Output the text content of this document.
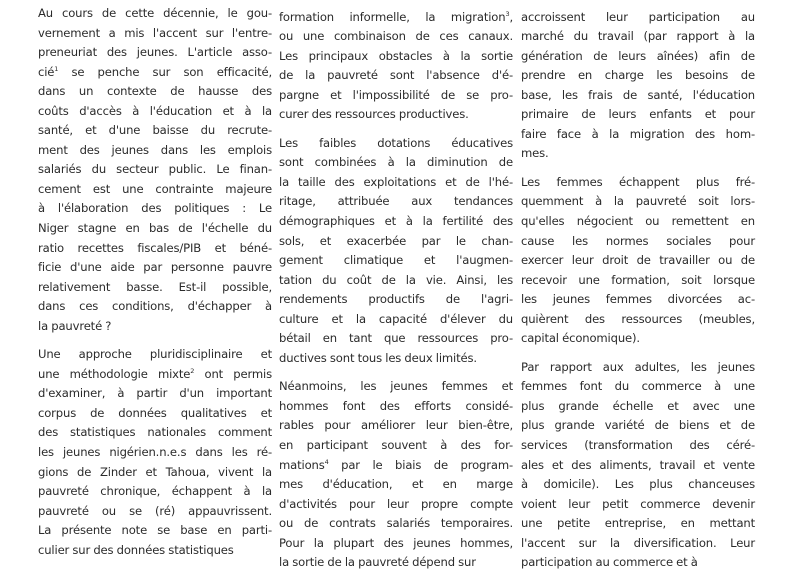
Au cours de cette décennie, le gou-
vernement a mis l'accent sur l'entre-
preneuriat des jeunes. L'article asso-
cié$^1$ se penche sur son efficacité,
dans un contexte de hausse des
coûts d'accès à l'éducation et à la
santé, et d'une baisse du recrute-
ment des jeunes dans les emplois
salariés du secteur public. Le finan-
cement est une contrainte majeure
à l'élaboration des politiques : Le
Niger stagne en bas de l'échelle du
ratio recettes fiscales/PIB et béné-
ficie d'une aide par personne pauvre
relativement basse. Est-il possible,
dans ces conditions, d'échapper à
la pauvreté ?

Une approche pluridisciplinaire et
une méthodologie mixte$^2$ ont permis
d'examiner, à partir d'un important
corpus de données qualitatives et
des statistiques nationales comment
les jeunes nigérien.n.e.s dans les ré-
gions de Zinder et Tahoua, vivent la
pauvreté chronique, échappent à la
pauvreté ou se (ré) appauvrissent.
La présente note se base en parti-
culier sur des données statistiques

formation informelle, la migration$^3$,
ou une combinaison de ces canaux.
Les principaux obstacles à la sortie
de la pauvreté sont l'absence d'é-
pargne et l'impossibilité de se pro-
curer des ressources productives.

Les faibles dotations éducatives
sont combinées à la diminution de
la taille des exploitations et de l'hé-
ritage, attribuée aux tendances
démographiques et à la fertilité des
sols, et exacerbée par le chan-
gement climatique et l'augmen-
tation du coût de la vie. Ainsi, les
rendements productifs de l'agri-
culture et la capacité d'élever du
bétail en tant que ressources pro-
ductives sont tous les deux limités.

Néanmoins, les jeunes femmes et
hommes font des efforts considé-
rables pour améliorer leur bien-être,
en participant souvent à des for-
mations$^4$ par le biais de program-
mes d'éducation, et en marge
d'activités pour leur propre compte
ou de contrats salariés temporaires.
Pour la plupart des jeunes hommes,
la sortie de la pauvreté dépend sur

accroissent leur participation au
marché du travail (par rapport à la
génération de leurs aînées) afin de
prendre en charge les besoins de
base, les frais de santé, l'éducation
primaire de leurs enfants et pour
faire face à la migration des hom-
mes.

Les femmes échappent plus fré-
quemment à la pauvreté soit lors-
qu'elles négocient ou remettent en
cause les normes sociales pour
exercer leur droit de travailler ou de
recevoir une formation, soit lorsque
les jeunes femmes divorcées ac-
quièrent des ressources (meubles,
capital économique).

Par rapport aux adultes, les jeunes
femmes font du commerce à une
plus grande échelle et avec une
plus grande variété de biens et de
services (transformation des céré-
ales et des aliments, travail et vente
à domicile). Les plus chanceuses
voient leur petit commerce devenir
une petite entreprise, en mettant
l'accent sur la diversification. Leur
participation au commerce et à
